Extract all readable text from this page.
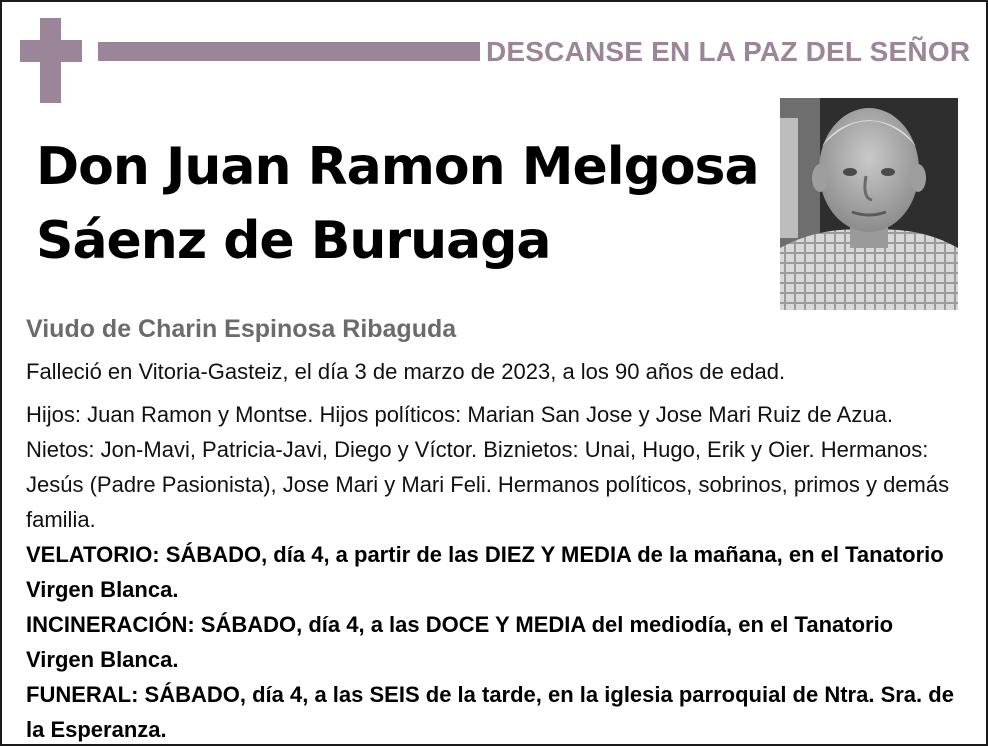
DESCANSE EN LA PAZ DEL SEÑOR
Don Juan Ramon Melgosa
Sáenz de Buruaga
Viudo de Charin Espinosa Ribaguda
Falleció en Vitoria-Gasteiz, el día 3 de marzo de 2023, a los 90 años de edad.

Hijos: Juan Ramon y Montse. Hijos políticos: Marian San Jose y Jose Mari Ruiz de Azua. Nietos: Jon-Mavi, Patricia-Javi, Diego y Víctor. Biznietos: Unai, Hugo, Erik y Oier. Hermanos: Jesús (Padre Pasionista), Jose Mari y Mari Feli. Hermanos políticos, sobrinos, primos y demás familia.

VELATORIO: SÁBADO, día 4, a partir de las DIEZ Y MEDIA de la mañana, en el Tanatorio Virgen Blanca.

INCINERACIÓN: SÁBADO, día 4, a las DOCE Y MEDIA del mediodía, en el Tanatorio Virgen Blanca.

FUNERAL: SÁBADO, día 4, a las SEIS de la tarde, en la iglesia parroquial de Ntra. Sra. de la Esperanza.
